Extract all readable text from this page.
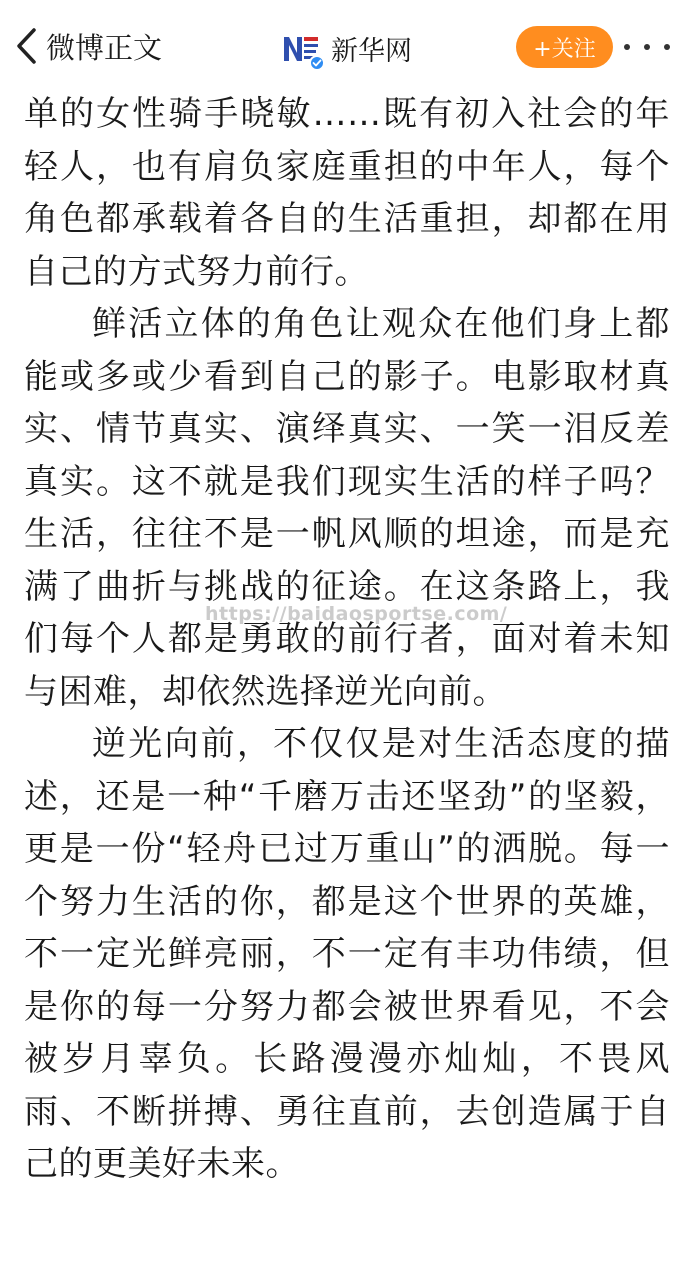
微博正文	新华网	+关注

单的女性骑手晓敏……既有初入社会的年轻人，也有肩负家庭重担的中年人，每个角色都承载着各自的生活重担，却都在用自己的方式努力前行。

鲜活立体的角色让观众在他们身上都能或多或少看到自己的影子。电影取材真实、情节真实、演绎真实、一笑一泪反差真实。这不就是我们现实生活的样子吗？生活，往往不是一帆风顺的坦途，而是充满了曲折与挑战的征途。在这条路上，我们每个人都是勇敢的前行者，面对着未知与困难，却依然选择逆光向前。

逆光向前，不仅仅是对生活态度的描述，还是一种“千磨万击还坚劲”的坚毅，更是一份“轻舟已过万重山”的洒脱。每一个努力生活的你，都是这个世界的英雄，不一定光鲜亮丽，不一定有丰功伟绩，但是你的每一分努力都会被世界看见，不会被岁月辜负。长路漫漫亦灿灿，不畏风雨、不断拼搏、勇往直前，去创造属于自己的更美好未来。

https://baidaosportse.com/
